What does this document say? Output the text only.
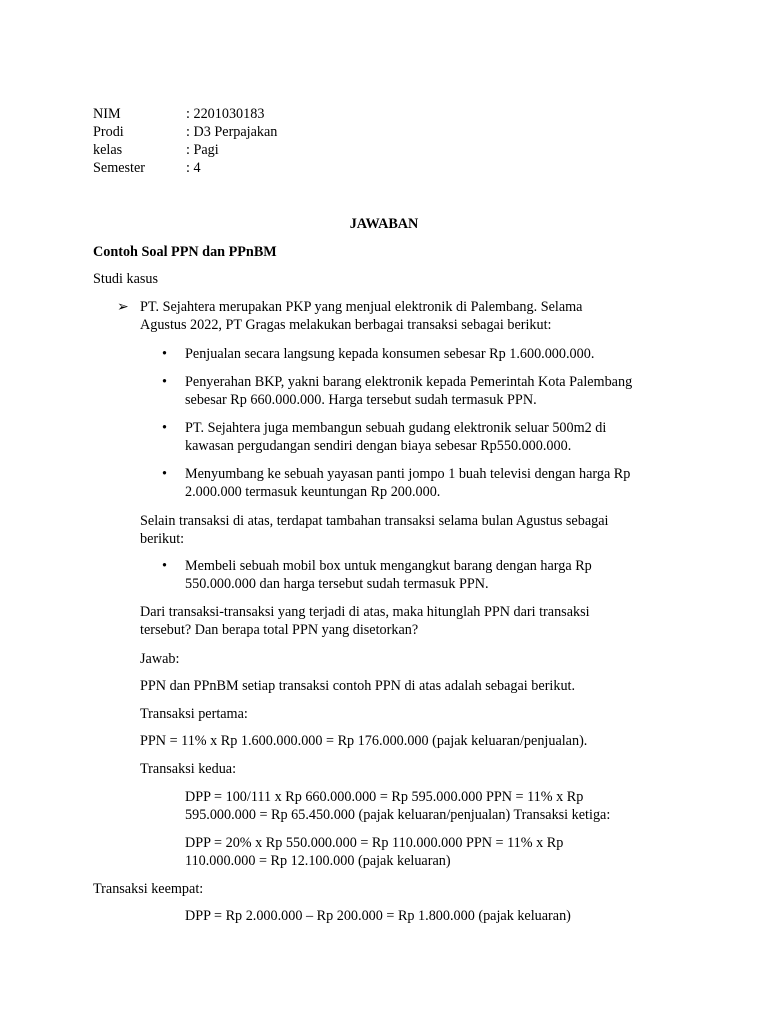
NIM	: 2201030183
Prodi	: D3 Perpajakan
kelas	: Pagi
Semester	: 4
JAWABAN
Contoh Soal PPN dan PPnBM
Studi kasus
➢ PT. Sejahtera merupakan PKP yang menjual elektronik di Palembang. Selama
Agustus 2022, PT Gragas melakukan berbagai transaksi sebagai berikut:
• Penjualan secara langsung kepada konsumen sebesar Rp 1.600.000.000.
• Penyerahan BKP, yakni barang elektronik kepada Pemerintah Kota Palembang
sebesar Rp 660.000.000. Harga tersebut sudah termasuk PPN.
• PT. Sejahtera juga membangun sebuah gudang elektronik seluar 500m2 di
kawasan pergudangan sendiri dengan biaya sebesar Rp550.000.000.
• Menyumbang ke sebuah yayasan panti jompo 1 buah televisi dengan harga Rp
2.000.000 termasuk keuntungan Rp 200.000.
Selain transaksi di atas, terdapat tambahan transaksi selama bulan Agustus sebagai
berikut:
• Membeli sebuah mobil box untuk mengangkut barang dengan harga Rp
550.000.000 dan harga tersebut sudah termasuk PPN.
Dari transaksi-transaksi yang terjadi di atas, maka hitunglah PPN dari transaksi
tersebut? Dan berapa total PPN yang disetorkan?
Jawab:
PPN dan PPnBM setiap transaksi contoh PPN di atas adalah sebagai berikut.
Transaksi pertama:
PPN = 11% x Rp 1.600.000.000 = Rp 176.000.000 (pajak keluaran/penjualan).
Transaksi kedua:
DPP = 100/111 x Rp 660.000.000 = Rp 595.000.000 PPN = 11% x Rp
595.000.000 = Rp 65.450.000 (pajak keluaran/penjualan) Transaksi ketiga:
DPP = 20% x Rp 550.000.000 = Rp 110.000.000 PPN = 11% x Rp
110.000.000 = Rp 12.100.000 (pajak keluaran)
Transaksi keempat:
DPP = Rp 2.000.000 – Rp 200.000 = Rp 1.800.000 (pajak keluaran)
